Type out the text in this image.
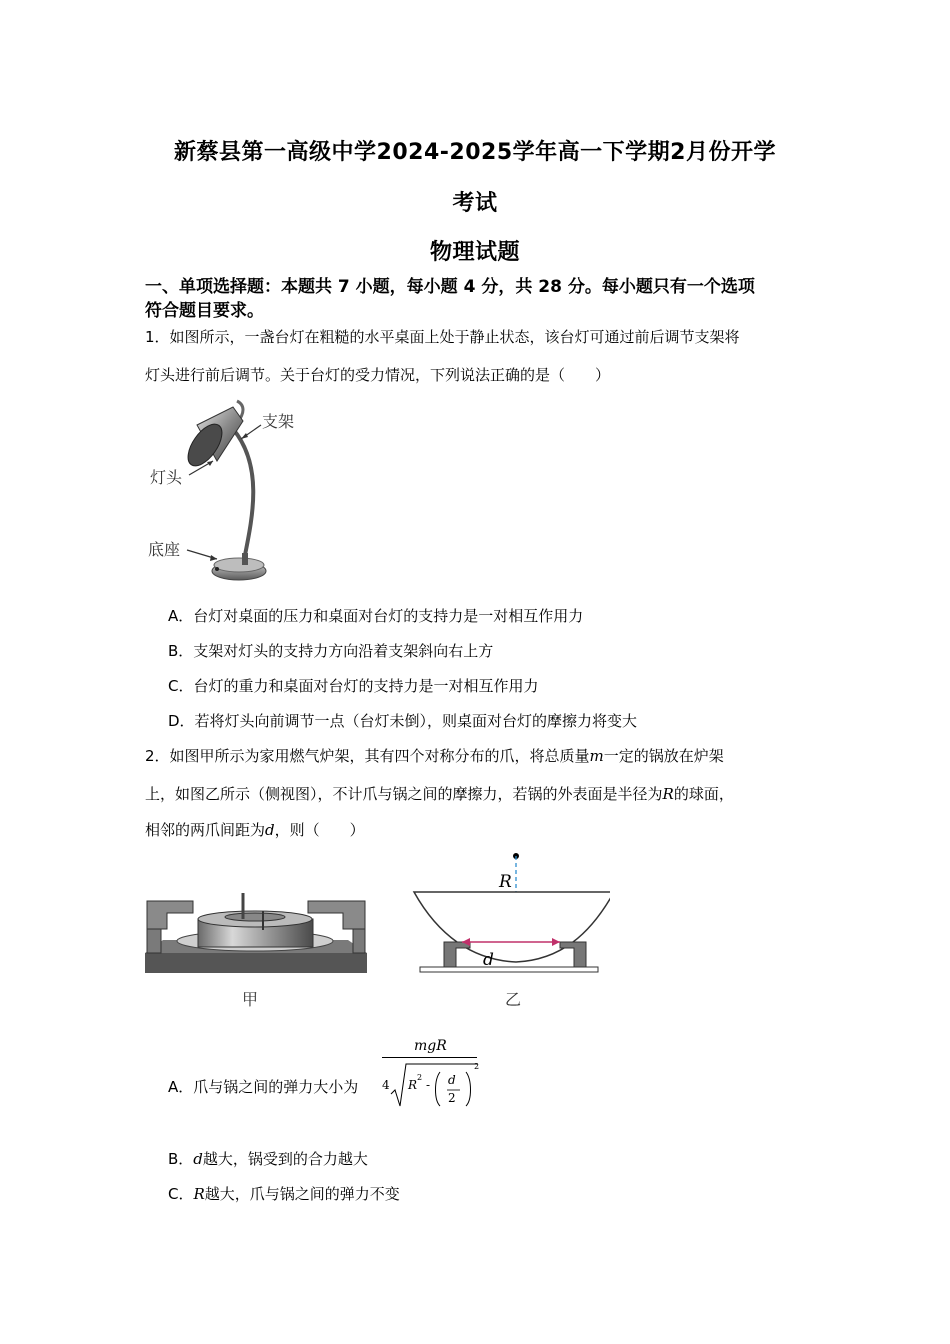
新蔡县第一高级中学2024-2025学年高一下学期2月份开学
考试
物理试题
一、单项选择题：本题共 7 小题，每小题 4 分，共 28 分。每小题只有一个选项
符合题目要求。
1．如图所示，一盏台灯在粗糙的水平桌面上处于静止状态，该台灯可通过前后调节支架将
灯头进行前后调节。关于台灯的受力情况，下列说法正确的是（　　）
支架
灯头
底座
A．台灯对桌面的压力和桌面对台灯的支持力是一对相互作用力
B．支架对灯头的支持力方向沿着支架斜向右上方
C．台灯的重力和桌面对台灯的支持力是一对相互作用力
D．若将灯头向前调节一点（台灯未倒），则桌面对台灯的摩擦力将变大
2．如图甲所示为家用燃气炉架，其有四个对称分布的爪，将总质量m一定的锅放在炉架
上，如图乙所示（侧视图），不计爪与锅之间的摩擦力，若锅的外表面是半径为R的球面，
相邻的两爪间距为d，则（　　）
甲
R
d
乙
A．爪与锅之间的弹力大小为
mgR
4 R
2
- d
2
2
B．d越大，锅受到的合力越大
C．R越大，爪与锅之间的弹力不变
